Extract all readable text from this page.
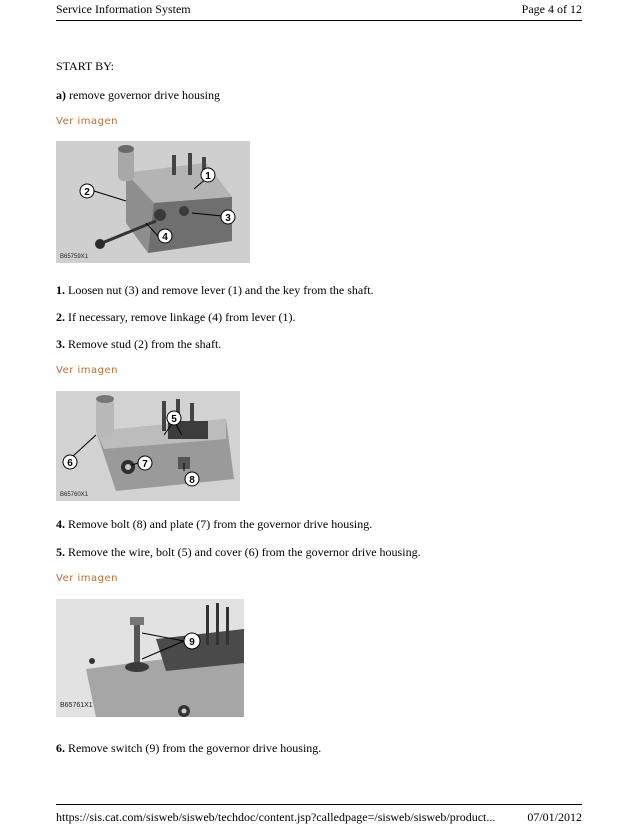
Service Information System	Page 4 of 12
START BY:
a) remove governor drive housing
Ver imagen
1
2
3
4
B65759X1
1. Loosen nut (3) and remove lever (1) and the key from the shaft.
2. If necessary, remove linkage (4) from lever (1).
3. Remove stud (2) from the shaft.
Ver imagen
5
6	7
8
B65760X1
4. Remove bolt (8) and plate (7) from the governor drive housing.
5. Remove the wire, bolt (5) and cover (6) from the governor drive housing.
Ver imagen
9
B65761X1
6. Remove switch (9) from the governor drive housing.
https://sis.cat.com/sisweb/sisweb/techdoc/content.jsp?calledpage=/sisweb/sisweb/product...	07/01/2012
